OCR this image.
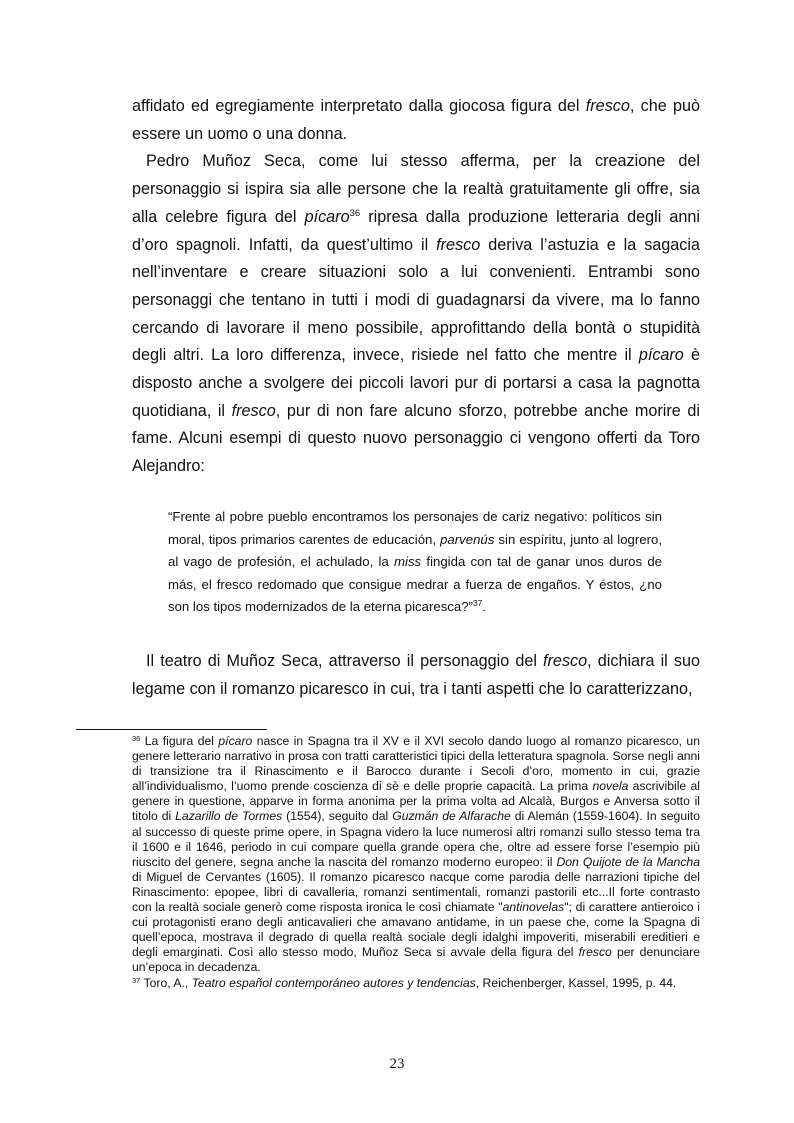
affidato ed egregiamente interpretato dalla giocosa figura del fresco, che può essere un uomo o una donna.

Pedro Muñoz Seca, come lui stesso afferma, per la creazione del personaggio si ispira sia alle persone che la realtà gratuitamente gli offre, sia alla celebre figura del pícaro$^{36}$ ripresa dalla produzione letteraria degli anni d’oro spagnoli. Infatti, da quest’ultimo il fresco deriva l’astuzia e la sagacia nell’inventare e creare situazioni solo a lui convenienti. Entrambi sono personaggi che tentano in tutti i modi di guadagnarsi da vivere, ma lo fanno cercando di lavorare il meno possibile, approfittando della bontà o stupidità degli altri. La loro differenza, invece, risiede nel fatto che mentre il pícaro è disposto anche a svolgere dei piccoli lavori pur di portarsi a casa la pagnotta quotidiana, il fresco, pur di non fare alcuno sforzo, potrebbe anche morire di fame. Alcuni esempi di questo nuovo personaggio ci vengono offerti da Toro Alejandro:

“Frente al pobre pueblo encontramos los personajes de cariz negativo: políticos sin moral, tipos primarios carentes de educación, parvenús sin espíritu, junto al logrero, al vago de profesión, el achulado, la miss fingida con tal de ganar unos duros de más, el fresco redomado que consigue medrar a fuerza de engaños. Y éstos, ¿no son los tipos modernizados de la eterna picaresca?”$^{37}$.

Il teatro di Muñoz Seca, attraverso il personaggio del fresco, dichiara il suo legame con il romanzo picaresco in cui, tra i tanti aspetti che lo caratterizzano,

$^{36}$ La figura del pícaro nasce in Spagna tra il XV e il XVI secolo dando luogo al romanzo picaresco, un genere letterario narrativo in prosa con tratti caratteristici tipici della letteratura spagnola. Sorse negli anni di transizione tra il Rinascimento e il Barocco durante i Secoli d’oro, momento in cui, grazie all’individualismo, l’uomo prende coscienza di sè e delle proprie capacità. La prima novela ascrivibile al genere in questione, apparve in forma anonima per la prima volta ad Alcalà, Burgos e Anversa sotto il titolo di Lazarillo de Tormes (1554), seguito dal Guzmán de Alfarache di Alemán (1559-1604). In seguito al successo di queste prime opere, in Spagna videro la luce numerosi altri romanzi sullo stesso tema tra il 1600 e il 1646, periodo in cui compare quella grande opera che, oltre ad essere forse l’esempio più riuscito del genere, segna anche la nascita del romanzo moderno europeo: il Don Quijote de la Mancha di Miguel de Cervantes (1605). Il romanzo picaresco nacque come parodia delle narrazioni tipiche del Rinascimento: epopee, libri di cavalleria, romanzi sentimentali, romanzi pastorili etc...Il forte contrasto con la realtà sociale generò come risposta ironica le così chiamate "antinovelas"; di carattere antieroico i cui protagonisti erano degli anticavalieri che amavano antidame, in un paese che, come la Spagna di quell’epoca, mostrava il degrado di quella realtà sociale degli idalghi impoveriti, miserabili ereditieri e degli emarginati. Così allo stesso modo, Muñoz Seca si avvale della figura del fresco per denunciare un’epoca in decadenza.

$^{37}$ Toro, A., Teatro español contemporáneo autores y tendencias, Reichenberger, Kassel, 1995, p. 44.

23
